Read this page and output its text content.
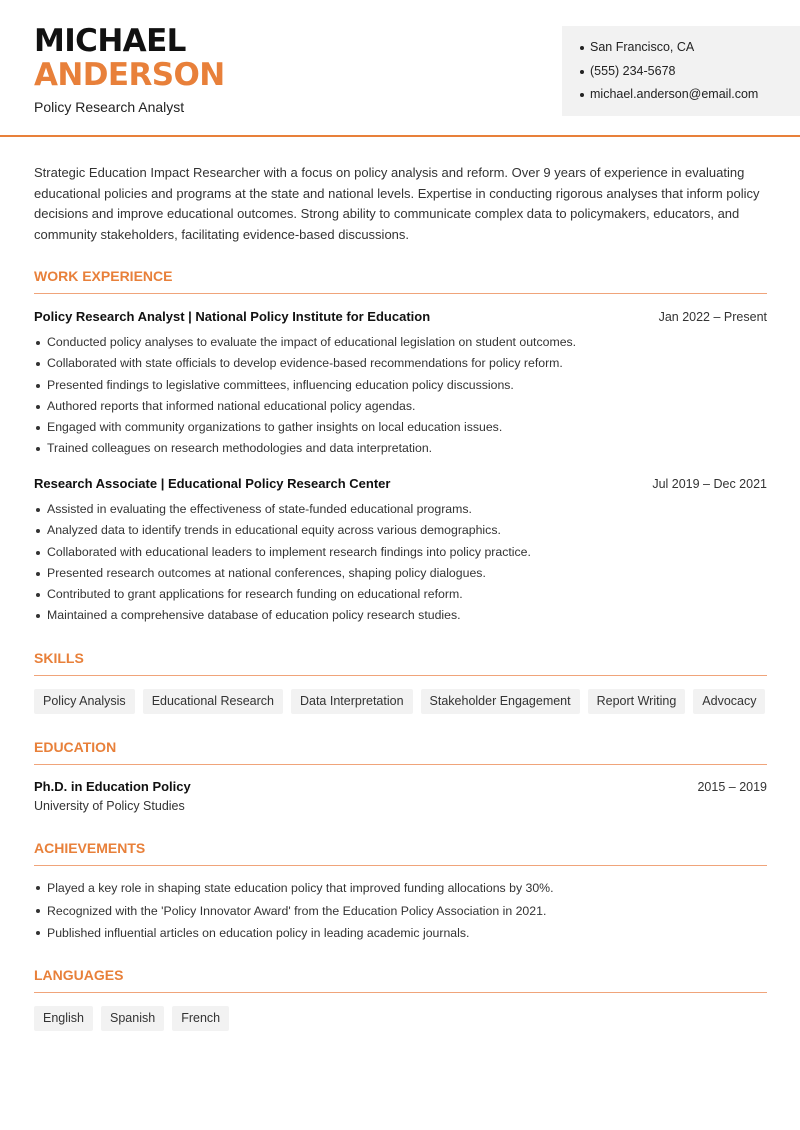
MICHAEL
ANDERSON

Policy Research Analyst

San Francisco, CA
(555) 234-5678
michael.anderson@email.com

Strategic Education Impact Researcher with a focus on policy analysis and reform. Over 9 years of experience in evaluating educational policies and programs at the state and national levels. Expertise in conducting rigorous analyses that inform policy decisions and improve educational outcomes. Strong ability to communicate complex data to policymakers, educators, and community stakeholders, facilitating evidence-based discussions.

WORK EXPERIENCE
Policy Research Analyst | National Policy Institute for Education	Jan 2022 – Present
Conducted policy analyses to evaluate the impact of educational legislation on student outcomes.
Collaborated with state officials to develop evidence-based recommendations for policy reform.
Presented findings to legislative committees, influencing education policy discussions.
Authored reports that informed national educational policy agendas.
Engaged with community organizations to gather insights on local education issues.
Trained colleagues on research methodologies and data interpretation.
Research Associate | Educational Policy Research Center	Jul 2019 – Dec 2021
Assisted in evaluating the effectiveness of state-funded educational programs.
Analyzed data to identify trends in educational equity across various demographics.
Collaborated with educational leaders to implement research findings into policy practice.
Presented research outcomes at national conferences, shaping policy dialogues.
Contributed to grant applications for research funding on educational reform.
Maintained a comprehensive database of education policy research studies.
SKILLS
Policy Analysis	Educational Research	Data Interpretation	Stakeholder Engagement	Report Writing	Advocacy
EDUCATION
Ph.D. in Education Policy	2015 – 2019

University of Policy Studies

ACHIEVEMENTS
Played a key role in shaping state education policy that improved funding allocations by 30%.
Recognized with the 'Policy Innovator Award' from the Education Policy Association in 2021.
Published influential articles on education policy in leading academic journals.
LANGUAGES
English	Spanish	French
